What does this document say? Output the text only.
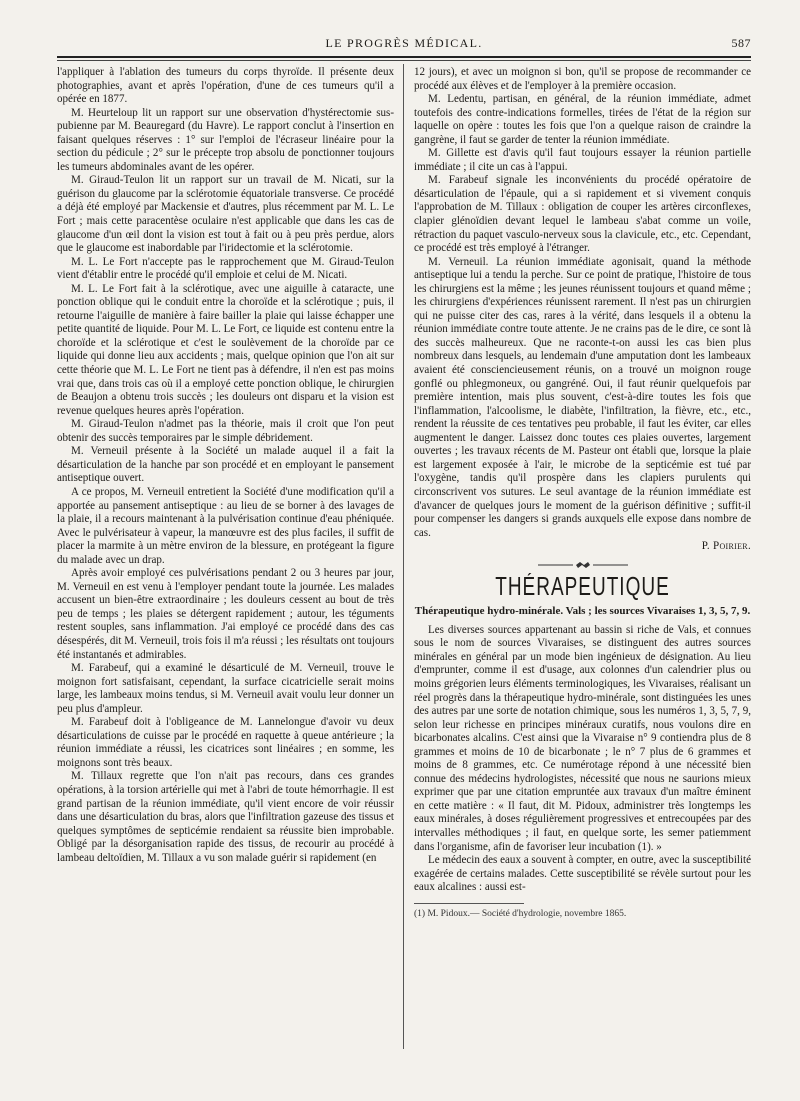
LE PROGRÈS MÉDICAL.	587

l'appliquer à l'ablation des tumeurs du corps thyroïde. Il présente deux photographies, avant et après l'opération, d'une de ces tumeurs qu'il a opérée en 1877.

M. Heurteloup lit un rapport sur une observation d'hystérectomie sus-pubienne par M. Beauregard (du Havre). Le rapport conclut à l'insertion en faisant quelques réserves : 1° sur l'emploi de l'écraseur linéaire pour la section du pédicule ; 2° sur le précepte trop absolu de ponctionner toujours les tumeurs abdominales avant de les opérer.

M. Giraud-Teulon lit un rapport sur un travail de M. Nicati, sur la guérison du glaucome par la sclérotomie équatoriale transverse. Ce procédé a déjà été employé par Mackensie et d'autres, plus récemment par M. L. Le Fort ; mais cette paracentèse oculaire n'est applicable que dans les cas de glaucome d'un œil dont la vision est tout à fait ou à peu près perdue, alors que le glaucome est inabordable par l'iridectomie et la sclérotomie.

M. L. Le Fort n'accepte pas le rapprochement que M. Giraud-Teulon vient d'établir entre le procédé qu'il emploie et celui de M. Nicati.

M. L. Le Fort fait à la sclérotique, avec une aiguille à cataracte, une ponction oblique qui le conduit entre la choroïde et la sclérotique ; puis, il retourne l'aiguille de manière à faire bailler la plaie qui laisse échapper une petite quantité de liquide. Pour M. L. Le Fort, ce liquide est contenu entre la choroïde et la sclérotique et c'est le soulèvement de la choroïde par ce liquide qui donne lieu aux accidents ; mais, quelque opinion que l'on ait sur cette théorie que M. L. Le Fort ne tient pas à défendre, il n'en est pas moins vrai que, dans trois cas où il a employé cette ponction oblique, le chirurgien de Beaujon a obtenu trois succès ; les douleurs ont disparu et la vision est revenue quelques heures après l'opération.

M. Giraud-Teulon n'admet pas la théorie, mais il croit que l'on peut obtenir des succès temporaires par le simple débridement.

M. Verneuil présente à la Société un malade auquel il a fait la désarticulation de la hanche par son procédé et en employant le pansement antiseptique ouvert.

A ce propos, M. Verneuil entretient la Société d'une modification qu'il a apportée au pansement antiseptique : au lieu de se borner à des lavages de la plaie, il a recours maintenant à la pulvérisation continue d'eau phéniquée. Avec le pulvérisateur à vapeur, la manœuvre est des plus faciles, il suffit de placer la marmite à un mètre environ de la blessure, en protégeant la figure du malade avec un drap.

Après avoir employé ces pulvérisations pendant 2 ou 3 heures par jour, M. Verneuil en est venu à l'employer pendant toute la journée. Les malades accusent un bien-être extraordinaire ; les douleurs cessent au bout de très peu de temps ; les plaies se détergent rapidement ; autour, les téguments restent souples, sans inflammation. J'ai employé ce procédé dans des cas désespérés, dit M. Verneuil, trois fois il m'a réussi ; les résultats ont toujours été instantanés et admirables.

M. Farabeuf, qui a examiné le désarticulé de M. Verneuil, trouve le moignon fort satisfaisant, cependant, la surface cicatricielle serait moins large, les lambeaux moins tendus, si M. Verneuil avait voulu leur donner un peu plus d'ampleur.

M. Farabeuf doit à l'obligeance de M. Lannelongue d'avoir vu deux désarticulations de cuisse par le procédé en raquette à queue antérieure ; la réunion immédiate a réussi, les cicatrices sont linéaires ; en somme, les moignons sont très beaux.

M. Tillaux regrette que l'on n'ait pas recours, dans ces grandes opérations, à la torsion artérielle qui met à l'abri de toute hémorrhagie. Il est grand partisan de la réunion immédiate, qu'il vient encore de voir réussir dans une désarticulation du bras, alors que l'infiltration gazeuse des tissus et quelques symptômes de septicémie rendaient sa réussite bien improbable. Obligé par la désorganisation rapide des tissus, de recourir au procédé à lambeau deltoïdien, M. Tillaux a vu son malade guérir si rapidement (en

12 jours), et avec un moignon si bon, qu'il se propose de recommander ce procédé aux élèves et de l'employer à la première occasion.

M. Ledentu, partisan, en général, de la réunion immédiate, admet toutefois des contre-indications formelles, tirées de l'état de la région sur laquelle on opère : toutes les fois que l'on a quelque raison de craindre la gangrène, il faut se garder de tenter la réunion immédiate.

M. Gillette est d'avis qu'il faut toujours essayer la réunion partielle immédiate ; il cite un cas à l'appui.

M. Farabeuf signale les inconvénients du procédé opératoire de désarticulation de l'épaule, qui a si rapidement et si vivement conquis l'approbation de M. Tillaux : obligation de couper les artères circonflexes, clapier glénoïdien devant lequel le lambeau s'abat comme un voile, rétraction du paquet vasculo-nerveux sous la clavicule, etc., etc. Cependant, ce procédé est très employé à l'étranger.

M. Verneuil. La réunion immédiate agonisait, quand la méthode antiseptique lui a tendu la perche. Sur ce point de pratique, l'histoire de tous les chirurgiens est la même ; les jeunes réunissent toujours et quand même ; les chirurgiens d'expériences réunissent rarement. Il n'est pas un chirurgien qui ne puisse citer des cas, rares à la vérité, dans lesquels il a obtenu la réunion immédiate contre toute attente. Je ne crains pas de le dire, ce sont là des succès malheureux. Que ne raconte-t-on aussi les cas bien plus nombreux dans lesquels, au lendemain d'une amputation dont les lambeaux avaient été consciencieusement réunis, on a trouvé un moignon rouge gonflé ou phlegmoneux, ou gangréné. Oui, il faut réunir quelquefois par première intention, mais plus souvent, c'est-à-dire toutes les fois que l'inflammation, l'alcoolisme, le diabète, l'infiltration, la fièvre, etc., etc., rendent la réussite de ces tentatives peu probable, il faut les éviter, car elles augmentent le danger. Laissez donc toutes ces plaies ouvertes, largement ouvertes ; les travaux récents de M. Pasteur ont établi que, lorsque la plaie est largement exposée à l'air, le microbe de la septicémie est tué par l'oxygène, tandis qu'il prospère dans les clapiers purulents qui circonscrivent vos sutures. Le seul avantage de la réunion immédiate est d'avancer de quelques jours le moment de la guérison définitive ; suffit-il pour compenser les dangers si grands auxquels elle expose dans nombre de cas.

P. Poirier.
THÉRAPEUTIQUE
Thérapeutique hydro-minérale. Vals ; les sources Vivaraises 1, 3, 5, 7, 9.

Les diverses sources appartenant au bassin si riche de Vals, et connues sous le nom de sources Vivaraises, se distinguent des autres sources minérales en général par un mode bien ingénieux de désignation. Au lieu d'emprunter, comme il est d'usage, aux colonnes d'un calendrier plus ou moins grégorien leurs éléments terminologiques, les Vivaraises, réalisant un réel progrès dans la thérapeutique hydro-minérale, sont distinguées les unes des autres par une sorte de notation chimique, sous les numéros 1, 3, 5, 7, 9, selon leur richesse en principes minéraux curatifs, nous voulons dire en bicarbonates alcalins. C'est ainsi que la Vivaraise n° 9 contiendra plus de 8 grammes et moins de 10 de bicarbonate ; le n° 7 plus de 6 grammes et moins de 8 grammes, etc. Ce numérotage répond à une nécessité bien connue des médecins hydrologistes, nécessité que nous ne saurions mieux exprimer que par une citation empruntée aux travaux d'un maître éminent en cette matière : « Il faut, dit M. Pidoux, administrer très longtemps les eaux minérales, à doses régulièrement progressives et entrecoupées par des intervalles méthodiques ; il faut, en quelque sorte, les semer patiemment dans l'organisme, afin de favoriser leur incubation (1). »

Le médecin des eaux a souvent à compter, en outre, avec la susceptibilité exagérée de certains malades. Cette susceptibilité se révèle surtout pour les eaux alcalines : aussi est-

(1) M. Pidoux.— Société d'hydrologie, novembre 1865.
